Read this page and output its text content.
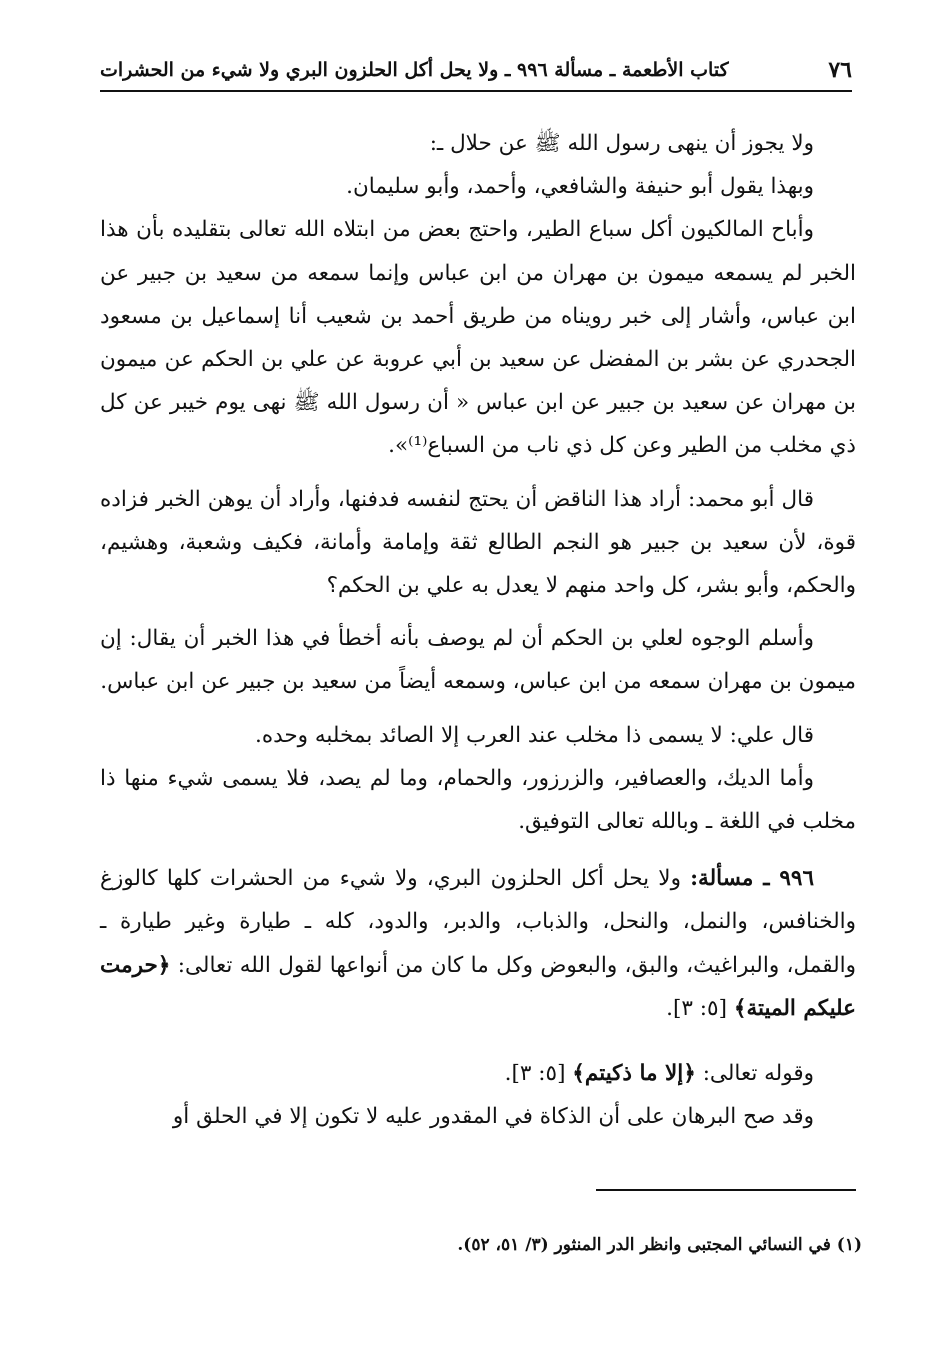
٧٦
كتاب الأطعمة ـ مسألة ٩٩٦ ـ ولا يحل أكل الحلزون البري ولا شيء من الحشرات

ولا يجوز أن ينهى رسول الله ﷺ عن حلال ـ:

وبهذا يقول أبو حنيفة والشافعي، وأحمد، وأبو سليمان.

وأباح المالكيون أكل سباع الطير، واحتج بعض من ابتلاه الله تعالى بتقليده بأن هذا الخبر لم يسمعه ميمون بن مهران من ابن عباس وإنما سمعه من سعيد بن جبير عن ابن عباس، وأشار إلى خبر رويناه من طريق أحمد بن شعيب أنا إسماعيل بن مسعود الجحدري عن بشر بن المفضل عن سعيد بن أبي عروبة عن علي بن الحكم عن ميمون بن مهران عن سعيد بن جبير عن ابن عباس « أن رسول الله ﷺ نهى يوم خيبر عن كل ذي مخلب من الطير وعن كل ذي ناب من السباع⁽¹⁾».

قال أبو محمد: أراد هذا الناقض أن يحتج لنفسه فدفنها، وأراد أن يوهن الخبر فزاده قوة، لأن سعيد بن جبير هو النجم الطالع ثقة وإمامة وأمانة، فكيف وشعبة، وهشيم، والحكم، وأبو بشر، كل واحد منهم لا يعدل به علي بن الحكم؟

وأسلم الوجوه لعلي بن الحكم أن لم يوصف بأنه أخطأ في هذا الخبر أن يقال: إن ميمون بن مهران سمعه من ابن عباس، وسمعه أيضاً من سعيد بن جبير عن ابن عباس.

قال علي: لا يسمى ذا مخلب عند العرب إلا الصائد بمخلبه وحده.

وأما الديك، والعصافير، والزرزور، والحمام، وما لم يصد، فلا يسمى شيء منها ذا مخلب في اللغة ـ وبالله تعالى التوفيق.

٩٩٦ ـ مسألة: ولا يحل أكل الحلزون البري، ولا شيء من الحشرات كلها كالوزغ والخنافس، والنمل، والنحل، والذباب، والدبر، والدود، كله ـ طيارة وغير طيارة ـ والقمل، والبراغيث، والبق، والبعوض وكل ما كان من أنواعها لقول الله تعالى: ﴿حرمت عليكم الميتة﴾ [٥: ٣].

وقوله تعالى: ﴿إلا ما ذكيتم﴾ [٥: ٣].

وقد صح البرهان على أن الذكاة في المقدور عليه لا تكون إلا في الحلق أو

(١) في النسائي المجتبى وانظر الدر المنثور (٣/ ٥١، ٥٢).
